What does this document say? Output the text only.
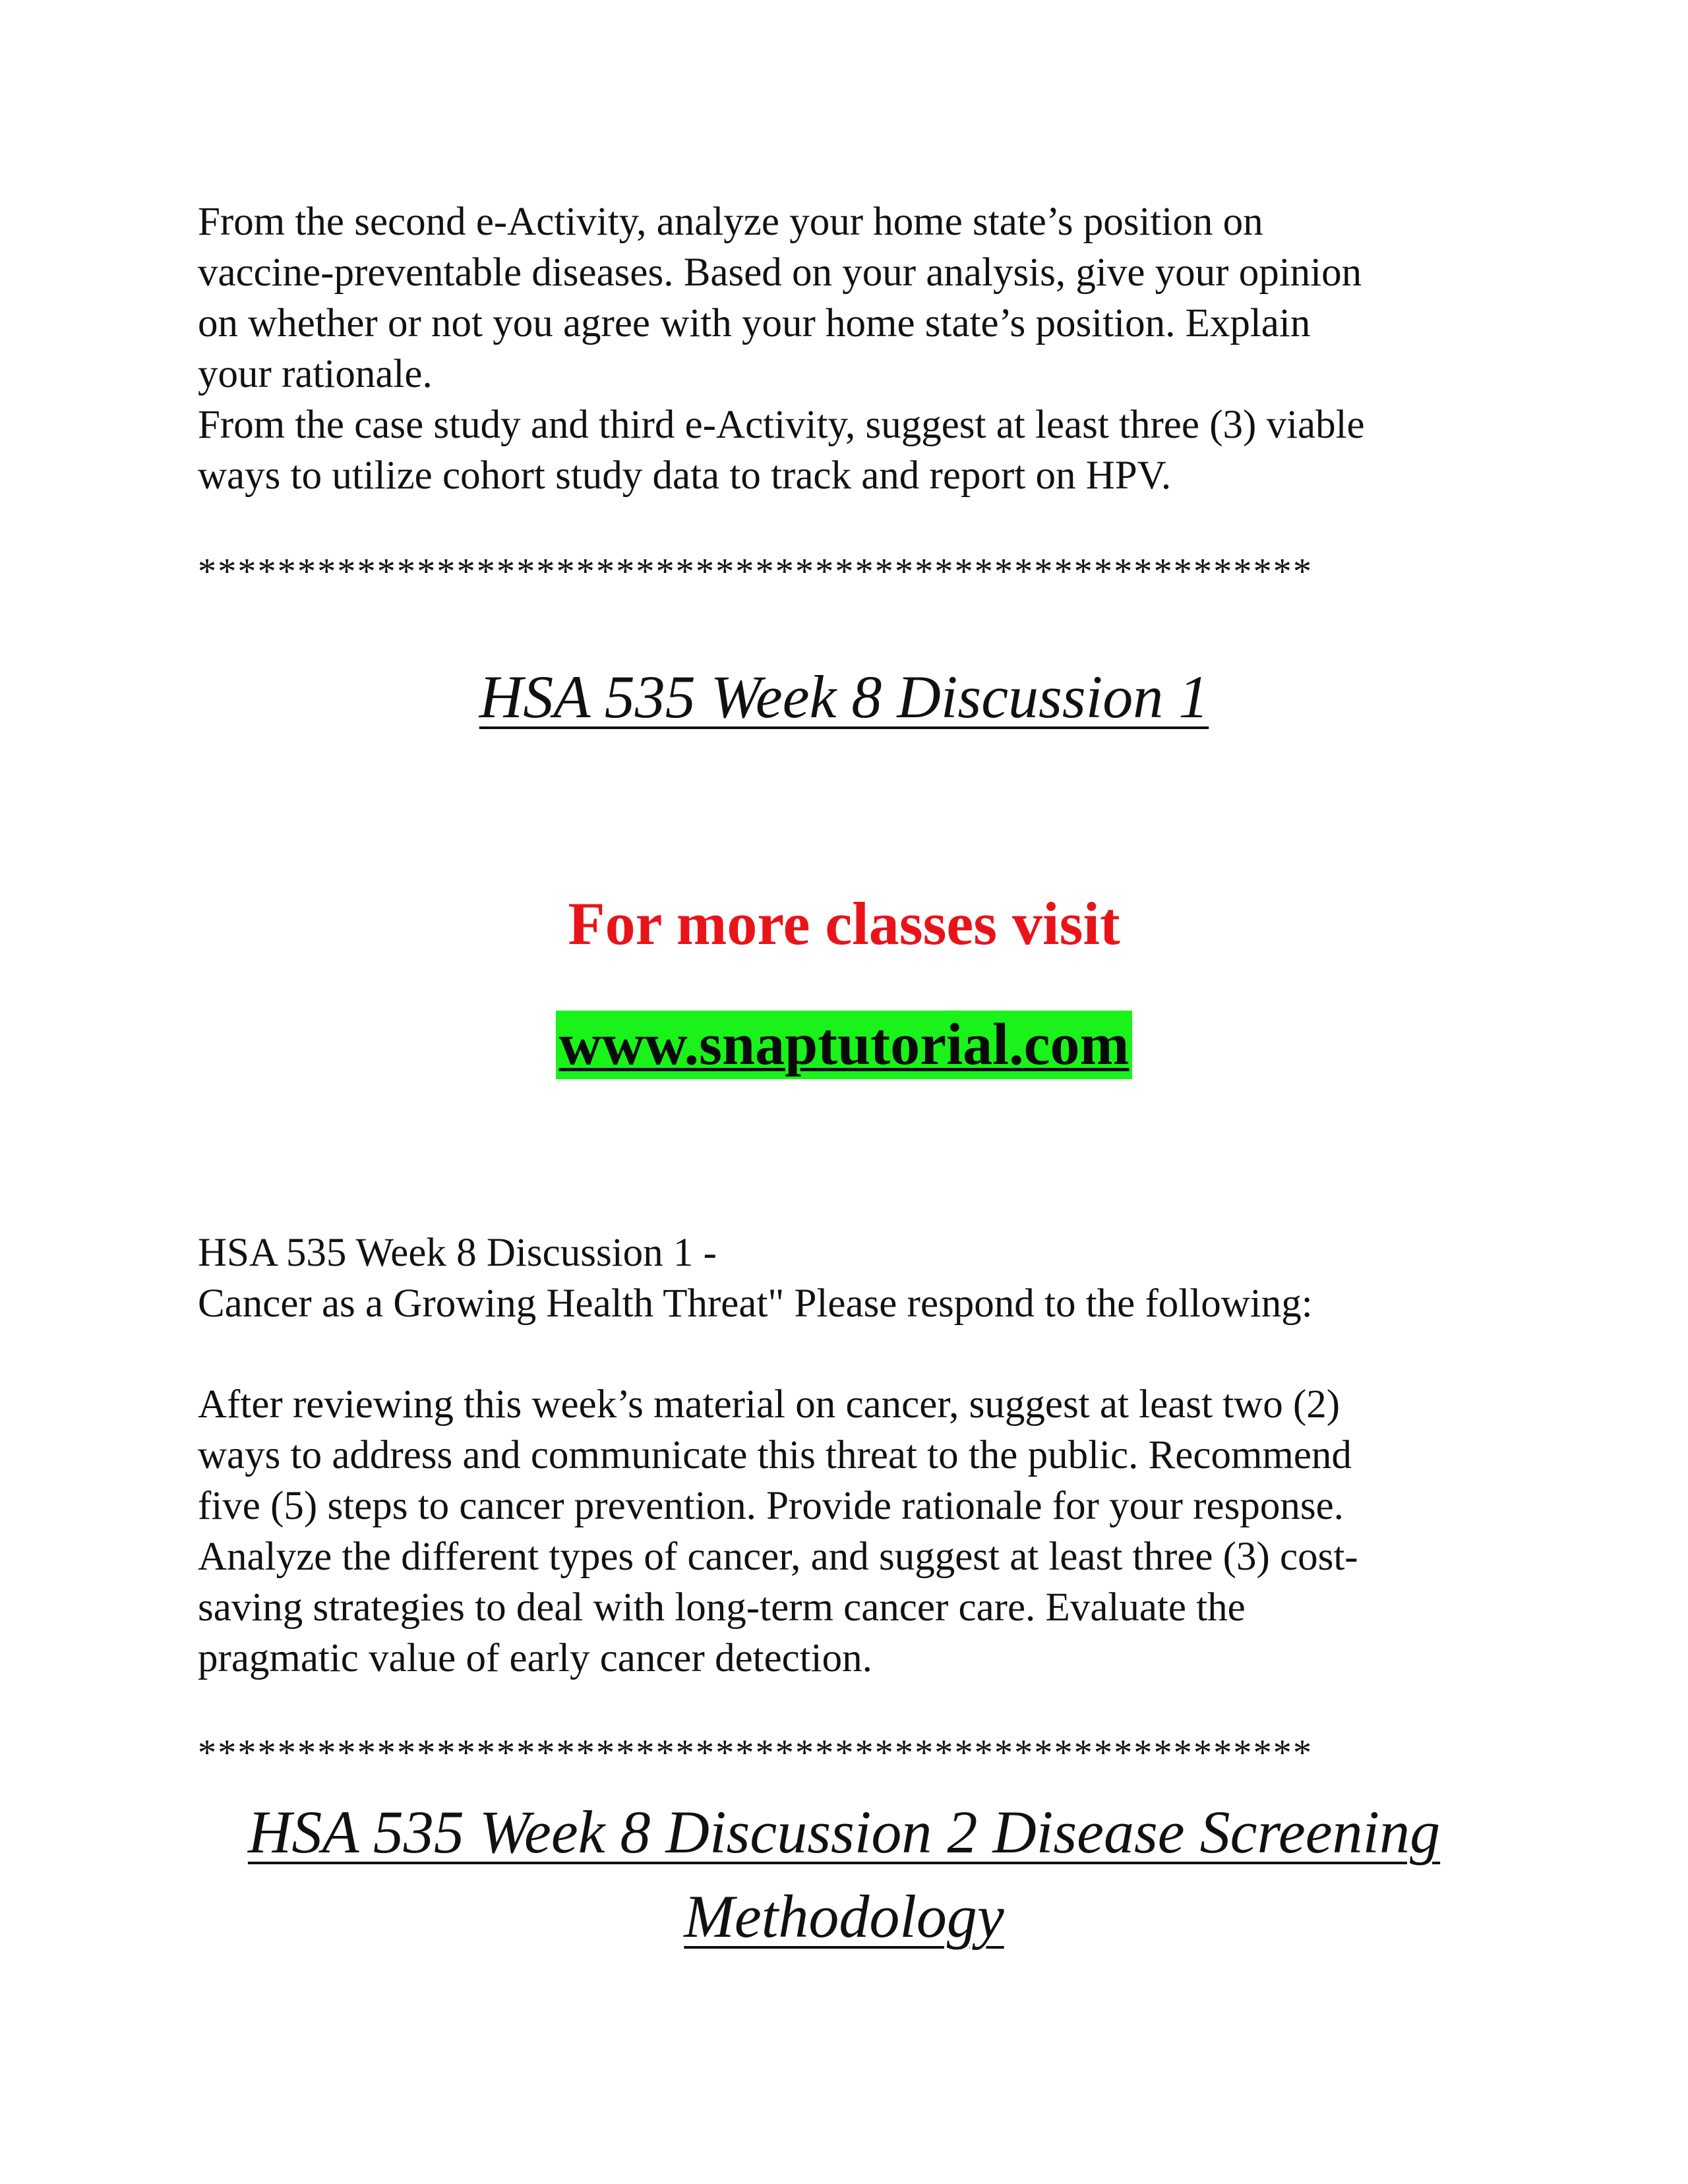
From the second e-Activity, analyze your home state’s position on
vaccine-preventable diseases. Based on your analysis, give your opinion
on whether or not you agree with your home state’s position. Explain
your rationale.
From the case study and third e-Activity, suggest at least three (3) viable
ways to utilize cohort study data to track and report on HPV.
********************************************************
HSA 535 Week 8 Discussion 1
For more classes visit
www.snaptutorial.com
HSA 535 Week 8 Discussion 1 -
Cancer as a Growing Health Threat" Please respond to the following:
After reviewing this week’s material on cancer, suggest at least two (2)
ways to address and communicate this threat to the public. Recommend
five (5) steps to cancer prevention. Provide rationale for your response.
Analyze the different types of cancer, and suggest at least three (3) cost-
saving strategies to deal with long-term cancer care. Evaluate the
pragmatic value of early cancer detection.
********************************************************
HSA 535 Week 8 Discussion 2 Disease Screening
Methodology
